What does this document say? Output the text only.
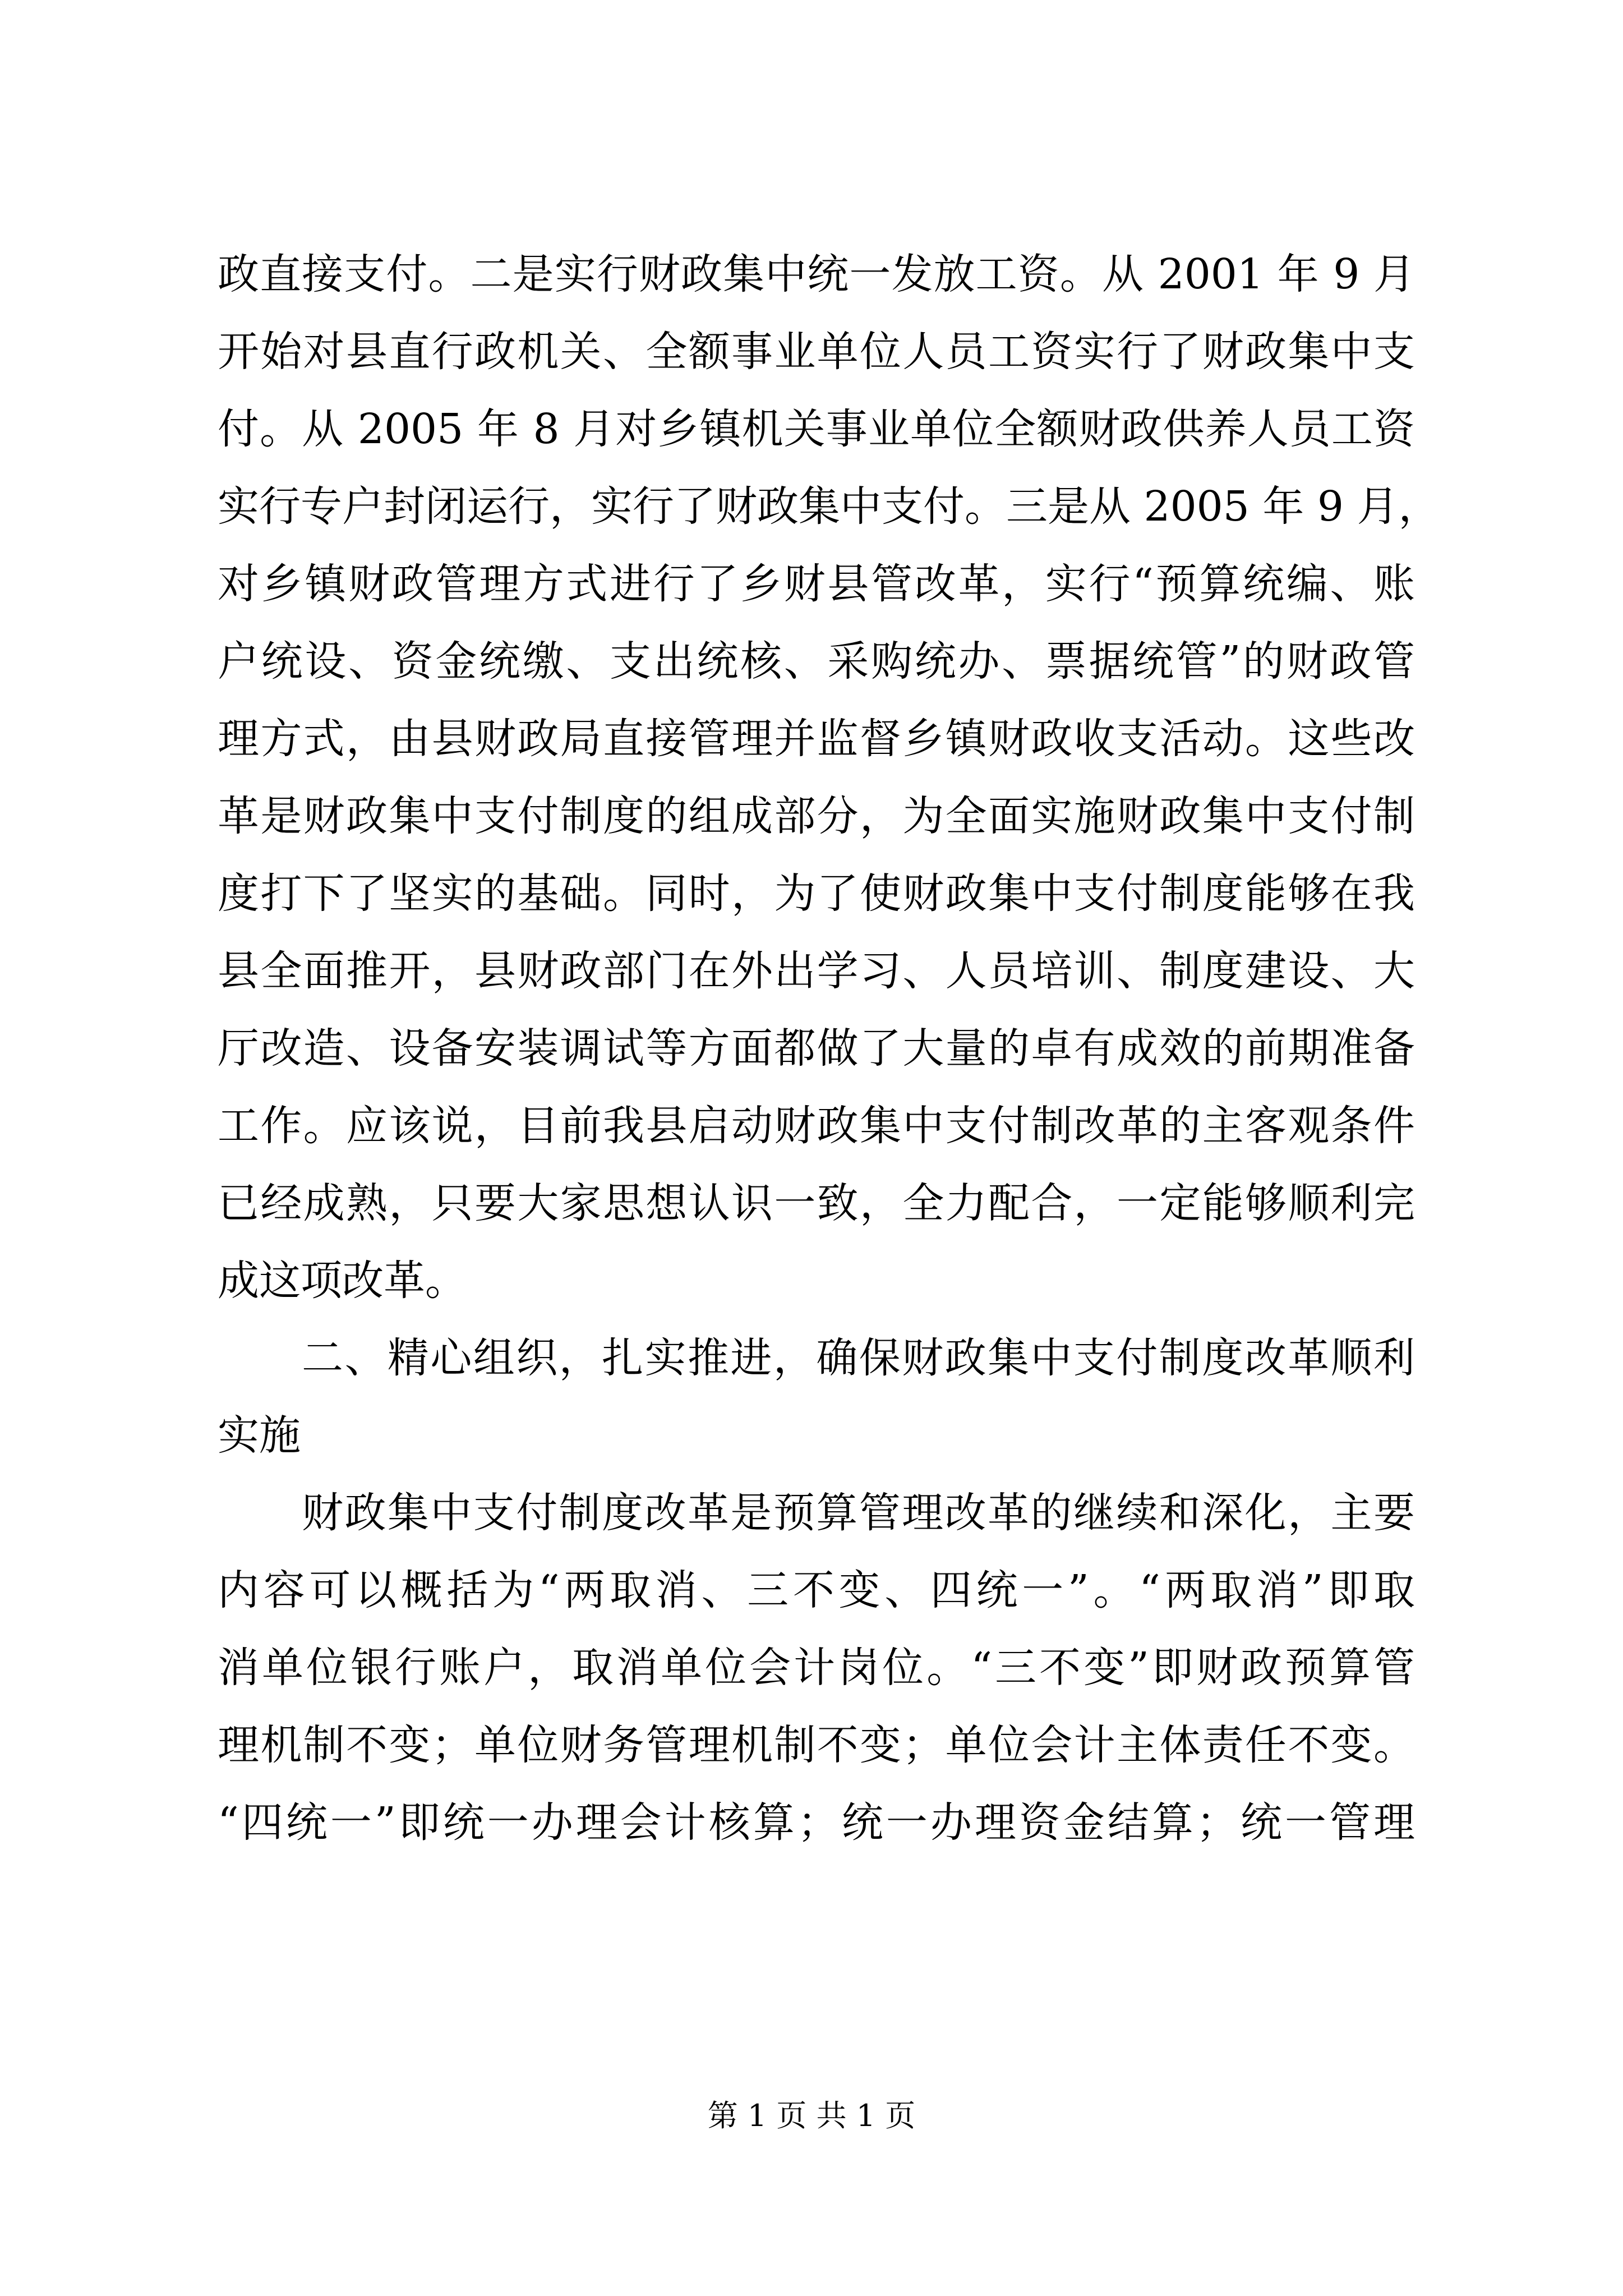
政直接支付。二是实行财政集中统一发放工资。从 2001 年 9 月
开始对县直行政机关、全额事业单位人员工资实行了财政集中支
付。从 2005 年 8 月对乡镇机关事业单位全额财政供养人员工资
实行专户封闭运行，实行了财政集中支付。三是从 2005 年 9 月，
对乡镇财政管理方式进行了乡财县管改革，实行“预算统编、账
户统设、资金统缴、支出统核、采购统办、票据统管”的财政管
理方式，由县财政局直接管理并监督乡镇财政收支活动。这些改
革是财政集中支付制度的组成部分，为全面实施财政集中支付制
度打下了坚实的基础。同时，为了使财政集中支付制度能够在我
县全面推开，县财政部门在外出学习、人员培训、制度建设、大
厅改造、设备安装调试等方面都做了大量的卓有成效的前期准备
工作。应该说，目前我县启动财政集中支付制改革的主客观条件
已经成熟，只要大家思想认识一致，全力配合，一定能够顺利完
成这项改革。
二、精心组织，扎实推进，确保财政集中支付制度改革顺利
实施
财政集中支付制度改革是预算管理改革的继续和深化，主要
内容可以概括为“两取消、三不变、四统一”。“两取消”即取
消单位银行账户，取消单位会计岗位。“三不变”即财政预算管
理机制不变；单位财务管理机制不变；单位会计主体责任不变。
“四统一”即统一办理会计核算；统一办理资金结算；统一管理
第 1 页 共 1 页
